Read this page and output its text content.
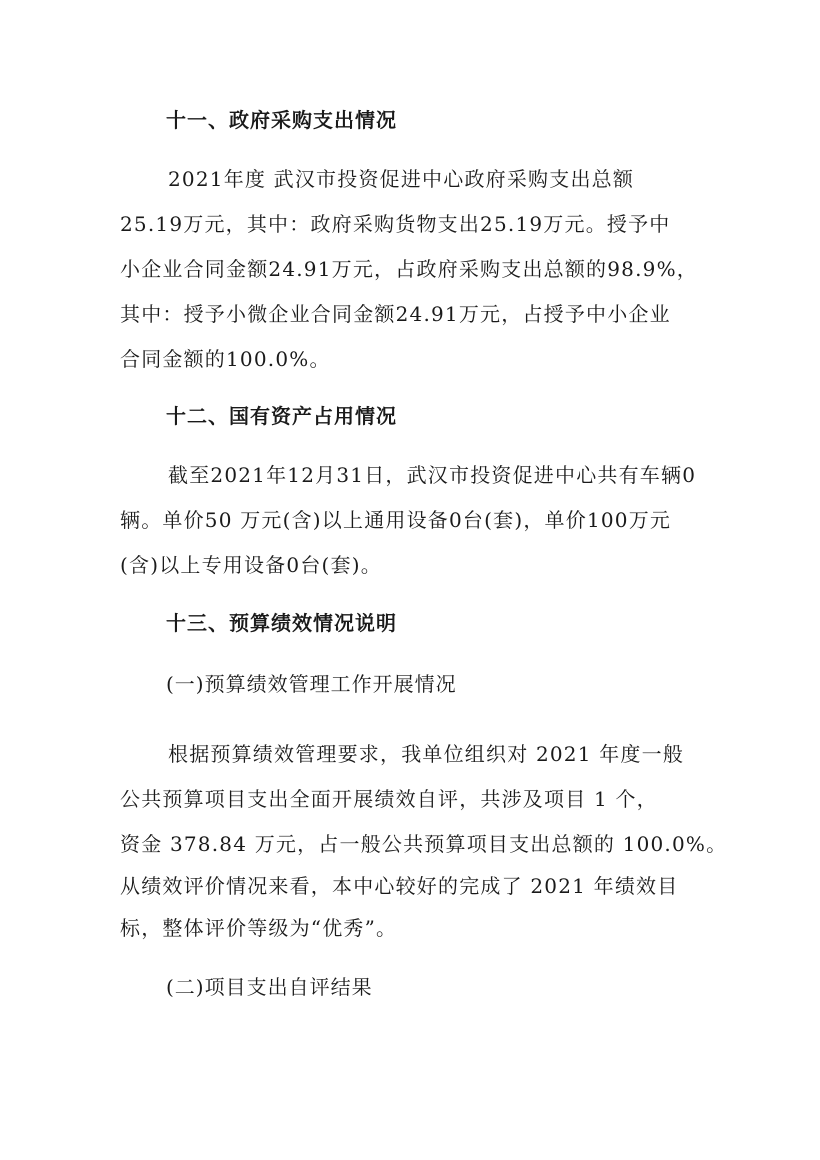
十一、政府采购支出情况
2021年度 武汉市投资促进中心政府采购支出总额
25.19万元，其中：政府采购货物支出25.19万元。授予中
小企业合同金额24.91万元，占政府采购支出总额的98.9%，
其中：授予小微企业合同金额24.91万元，占授予中小企业
合同金额的100.0%。
十二、国有资产占用情况
截至2021年12月31日，武汉市投资促进中心共有车辆0
辆。单价50 万元(含)以上通用设备0台(套)，单价100万元
(含)以上专用设备0台(套)。
十三、预算绩效情况说明
(一)预算绩效管理工作开展情况
根据预算绩效管理要求，我单位组织对 2021 年度一般
公共预算项目支出全面开展绩效自评，共涉及项目 1 个，
资金 378.84 万元，占一般公共预算项目支出总额的 100.0%。
从绩效评价情况来看，本中心较好的完成了 2021 年绩效目
标，整体评价等级为“优秀”。
(二)项目支出自评结果
